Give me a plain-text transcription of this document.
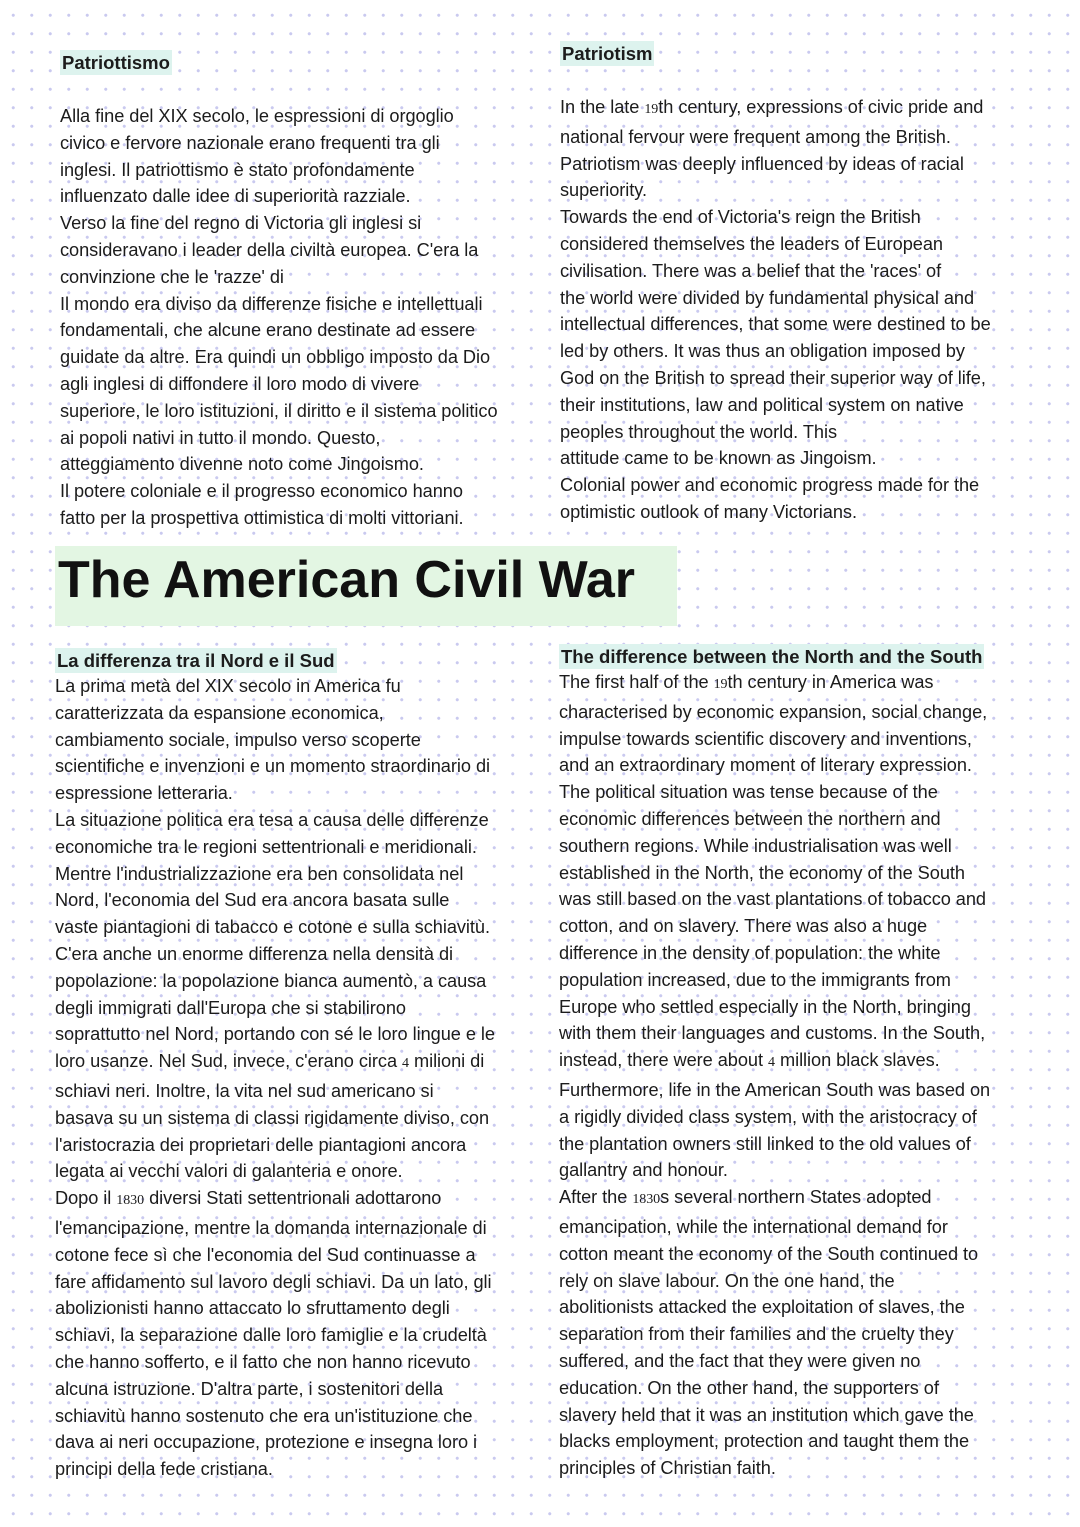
Patriottismo
Alla fine del XIX secolo, le espressioni di orgoglio
civico e fervore nazionale erano frequenti tra gli
inglesi. Il patriottismo è stato profondamente
influenzato dalle idee di superiorità razziale.
Verso la fine del regno di Victoria gli inglesi si
consideravano i leader della civiltà europea. C'era la
convinzione che le 'razze' di
Il mondo era diviso da differenze fisiche e intellettuali
fondamentali, che alcune erano destinate ad essere
guidate da altre. Era quindi un obbligo imposto da Dio
agli inglesi di diffondere il loro modo di vivere
superiore, le loro istituzioni, il diritto e il sistema politico
ai popoli nativi in tutto il mondo. Questo,
atteggiamento divenne noto come Jingoismo.
Il potere coloniale e il progresso economico hanno
fatto per la prospettiva ottimistica di molti vittoriani.
Patriotism
In the late 19th century, expressions of civic pride and
national fervour were frequent among the British.
Patriotism was deeply influenced by ideas of racial
superiority.
Towards the end of Victoria's reign the British
considered themselves the leaders of European
civilisation. There was a belief that the 'races' of
the world were divided by fundamental physical and
intellectual differences, that some were destined to be
led by others. It was thus an obligation imposed by
God on the British to spread their superior way of life,
their institutions, law and political system on native
peoples throughout the world. This
attitude came to be known as Jingoism.
Colonial power and economic progress made for the
optimistic outlook of many Victorians.
The American Civil War
La differenza tra il Nord e il Sud
La prima metà del XIX secolo in America fu
caratterizzata da espansione economica,
cambiamento sociale, impulso verso scoperte
scientifiche e invenzioni e un momento straordinario di
espressione letteraria.
La situazione politica era tesa a causa delle differenze
economiche tra le regioni settentrionali e meridionali.
Mentre l'industrializzazione era ben consolidata nel
Nord, l'economia del Sud era ancora basata sulle
vaste piantagioni di tabacco e cotone e sulla schiavitù.
C'era anche un enorme differenza nella densità di
popolazione: la popolazione bianca aumentò, a causa
degli immigrati dall'Europa che si stabilirono
soprattutto nel Nord, portando con sé le loro lingue e le
loro usanze. Nel Sud, invece, c'erano circa 4 milioni di
schiavi neri. Inoltre, la vita nel sud americano si
basava su un sistema di classi rigidamente diviso, con
l'aristocrazia dei proprietari delle piantagioni ancora
legata ai vecchi valori di galanteria e onore.
Dopo il 1830 diversi Stati settentrionali adottarono
l'emancipazione, mentre la domanda internazionale di
cotone fece sì che l'economia del Sud continuasse a
fare affidamento sul lavoro degli schiavi. Da un lato, gli
abolizionisti hanno attaccato lo sfruttamento degli
schiavi, la separazione dalle loro famiglie e la crudeltà
che hanno sofferto, e il fatto che non hanno ricevuto
alcuna istruzione. D'altra parte, i sostenitori della
schiavitù hanno sostenuto che era un'istituzione che
dava ai neri occupazione, protezione e insegna loro i
principi della fede cristiana.
The difference between the North and the South
The first half of the 19th century in America was
characterised by economic expansion, social change,
impulse towards scientific discovery and inventions,
and an extraordinary moment of literary expression.
The political situation was tense because of the
economic differences between the northern and
southern regions. While industrialisation was well
established in the North, the economy of the South
was still based on the vast plantations of tobacco and
cotton, and on slavery. There was also a huge
difference in the density of population: the white
population increased, due to the immigrants from
Europe who settled especially in the North, bringing
with them their languages and customs. In the South,
instead, there were about 4 million black slaves.
Furthermore, life in the American South was based on
a rigidly divided class system, with the aristocracy of
the plantation owners still linked to the old values of
gallantry and honour.
After the 1830s several northern States adopted
emancipation, while the international demand for
cotton meant the economy of the South continued to
rely on slave labour. On the one hand, the
abolitionists attacked the exploitation of slaves, the
separation from their families and the cruelty they
suffered, and the fact that they were given no
education. On the other hand, the supporters of
slavery held that it was an institution which gave the
blacks employment, protection and taught them the
principles of Christian faith.
